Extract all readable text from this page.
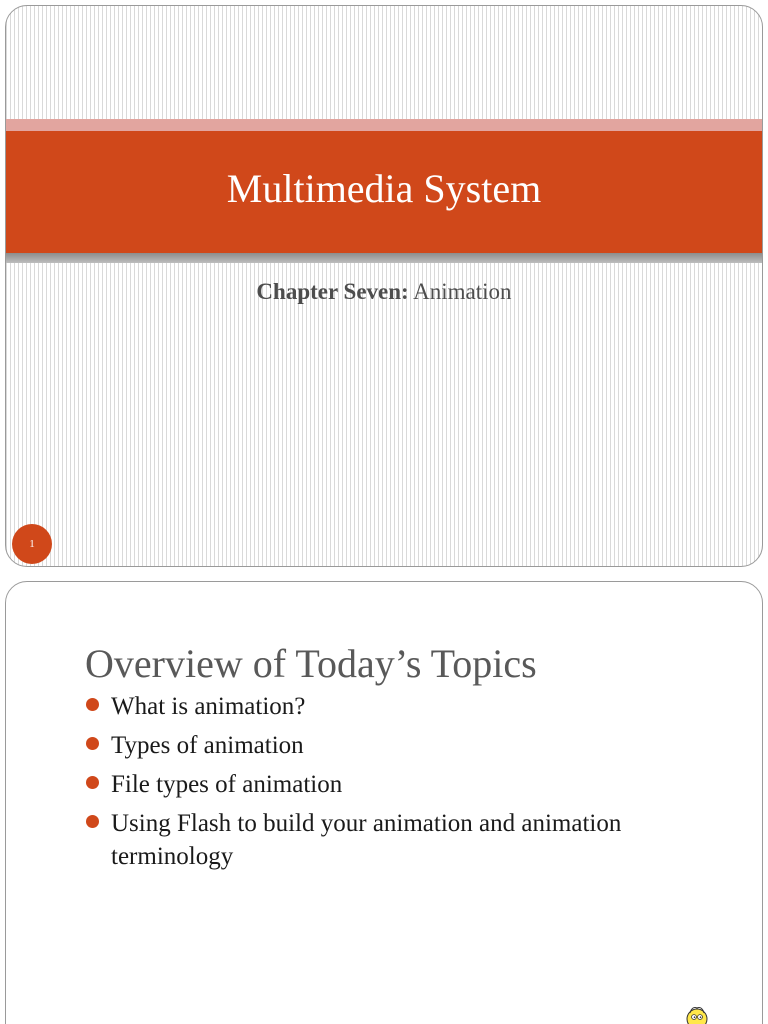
Multimedia System
Chapter Seven: Animation
1
Overview of Today’s Topics
What is animation?
Types of animation
File types of animation
Using Flash to build your animation and animation terminology
